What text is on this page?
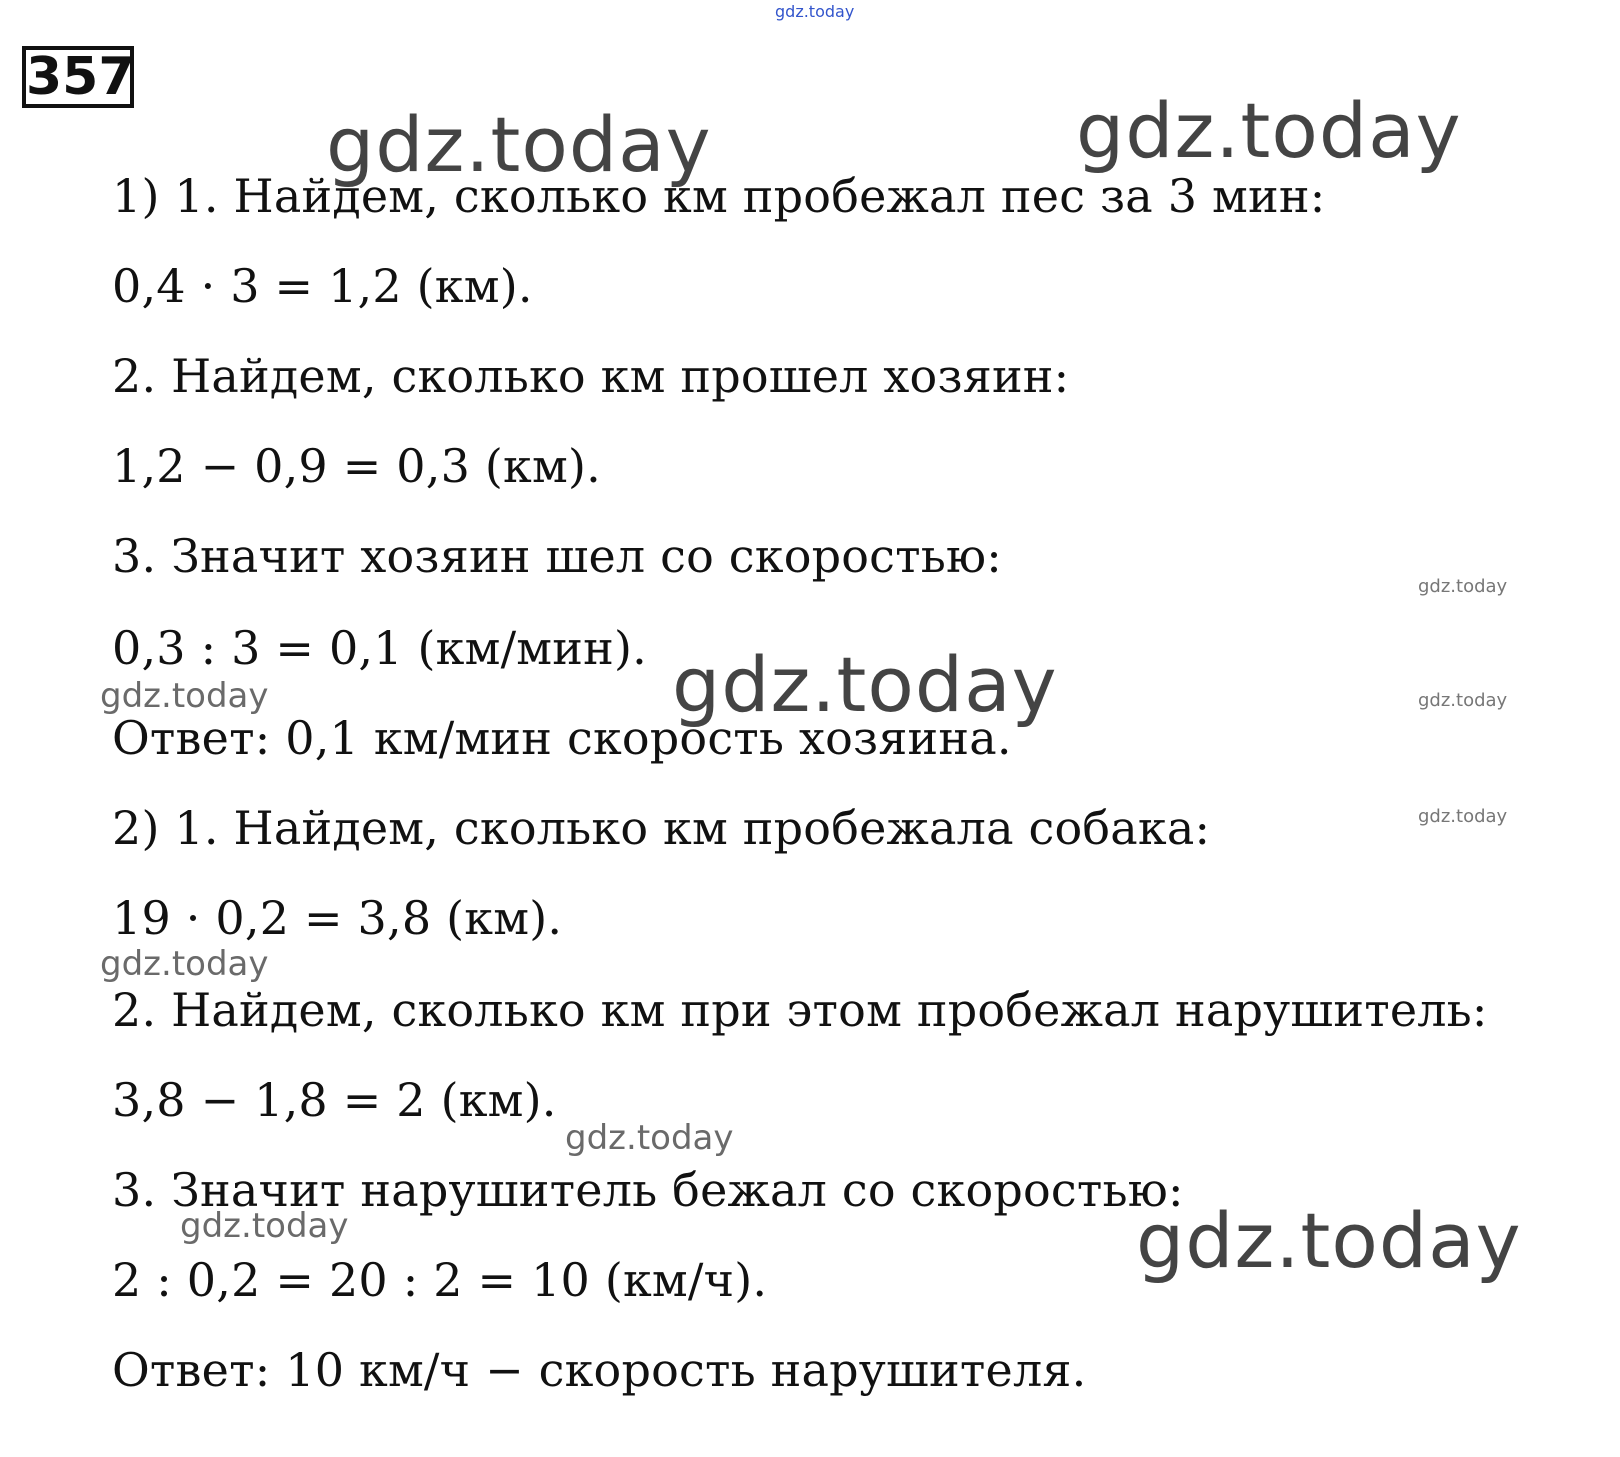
gdz.today
gdz.today	gdz.today
gdz.today
gdz.today
gdz.today
gdz.today
gdz.today
gdz.today
gdz.today
gdz.today
gdz.today
357
1) 1. Найдем, сколько км пробежал пес за 3 мин:
0,4 · 3 = 1,2 (км).
2. Найдем, сколько км прошел хозяин:
1,2 − 0,9 = 0,3 (км).
3. Значит хозяин шел со скоростью:
0,3 : 3 = 0,1 (км/мин).
Ответ: 0,1 км/мин скорость хозяина.
2) 1. Найдем, сколько км пробежала собака:
19 · 0,2 = 3,8 (км).
2. Найдем, сколько км при этом пробежал нарушитель:
3,8 − 1,8 = 2 (км).
3. Значит нарушитель бежал со скоростью:
2 : 0,2 = 20 : 2 = 10 (км/ч).
Ответ: 10 км/ч − скорость нарушителя.
